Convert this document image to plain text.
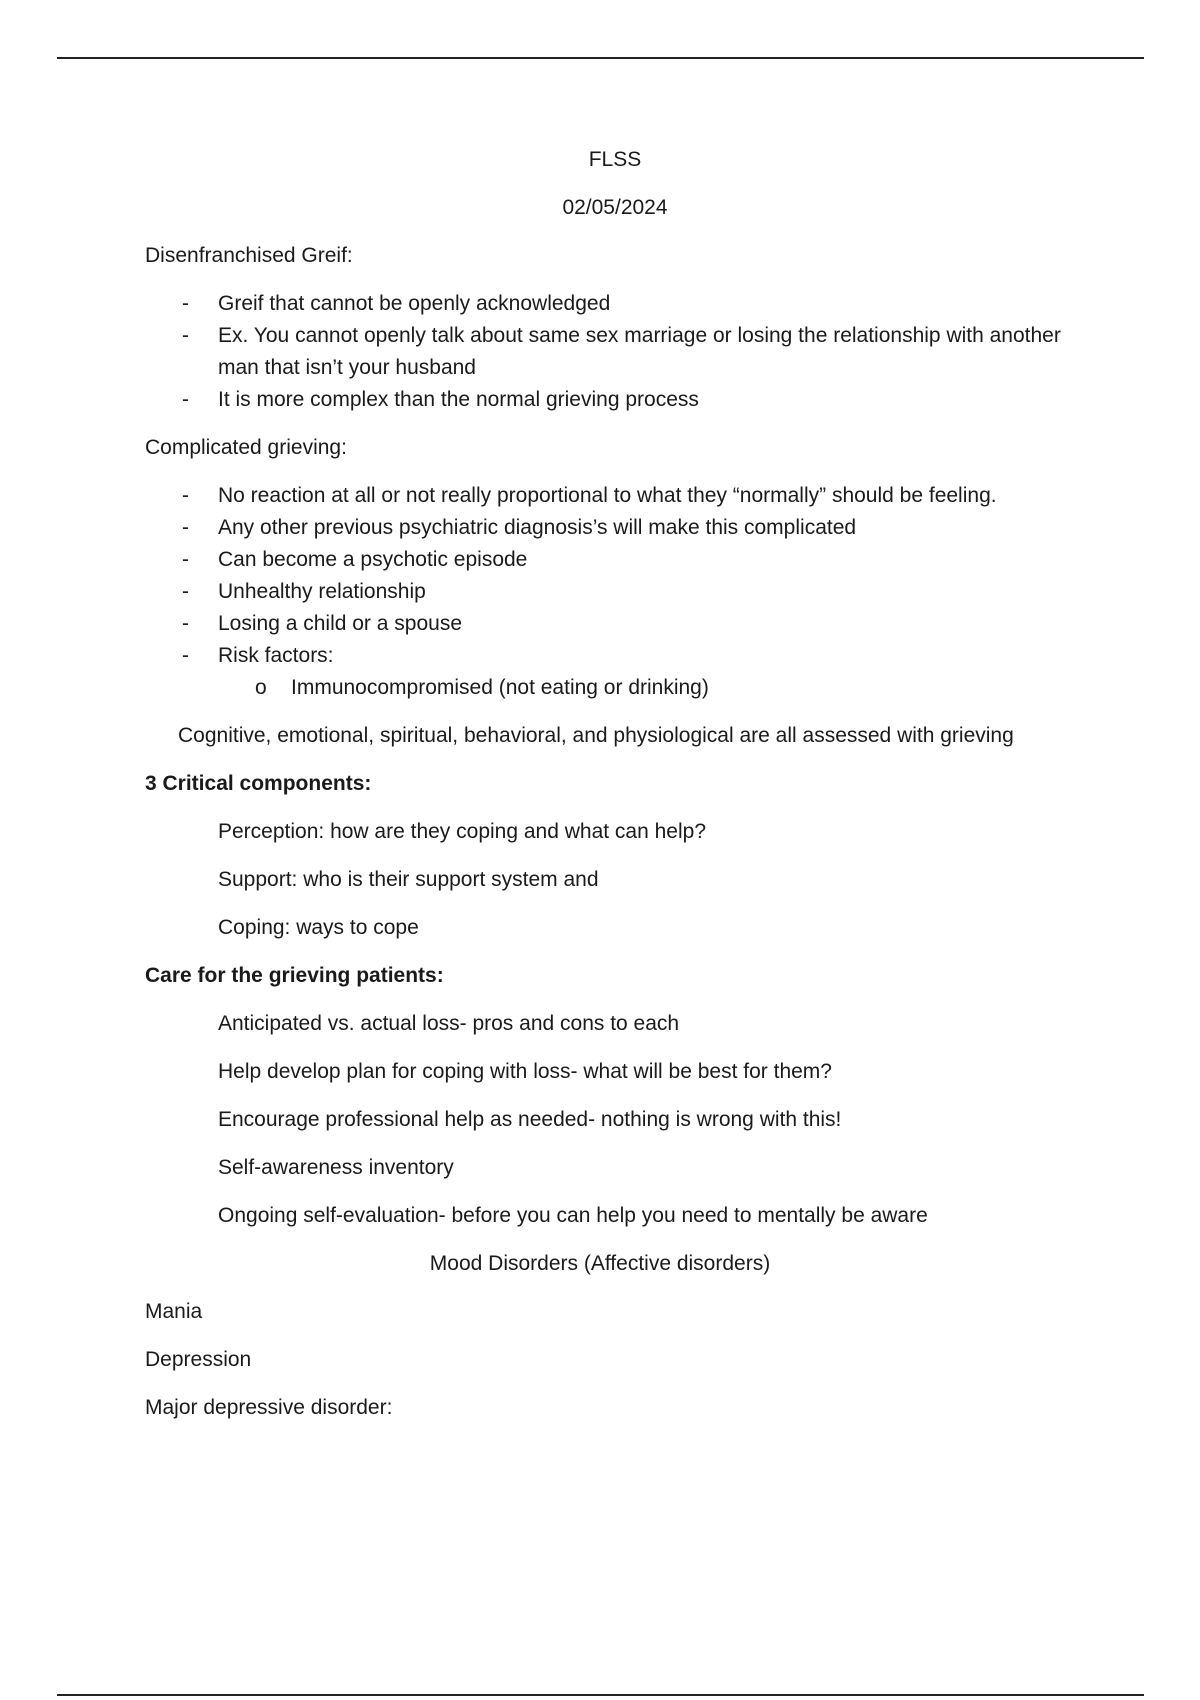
FLSS

02/05/2024

Disenfranchised Greif:

- Greif that cannot be openly acknowledged
- Ex. You cannot openly talk about same sex marriage or losing the relationship with another man that isn’t your husband
- It is more complex than the normal grieving process

Complicated grieving:

- No reaction at all or not really proportional to what they “normally” should be feeling.
- Any other previous psychiatric diagnosis’s will make this complicated
- Can become a psychotic episode
- Unhealthy relationship
- Losing a child or a spouse
- Risk factors:
o Immunocompromised (not eating or drinking)

Cognitive, emotional, spiritual, behavioral, and physiological are all assessed with grieving

3 Critical components:

Perception: how are they coping and what can help?

Support: who is their support system and

Coping: ways to cope

Care for the grieving patients:

Anticipated vs. actual loss- pros and cons to each

Help develop plan for coping with loss- what will be best for them?

Encourage professional help as needed- nothing is wrong with this!

Self-awareness inventory

Ongoing self-evaluation- before you can help you need to mentally be aware

Mood Disorders (Affective disorders)

Mania

Depression

Major depressive disorder:
